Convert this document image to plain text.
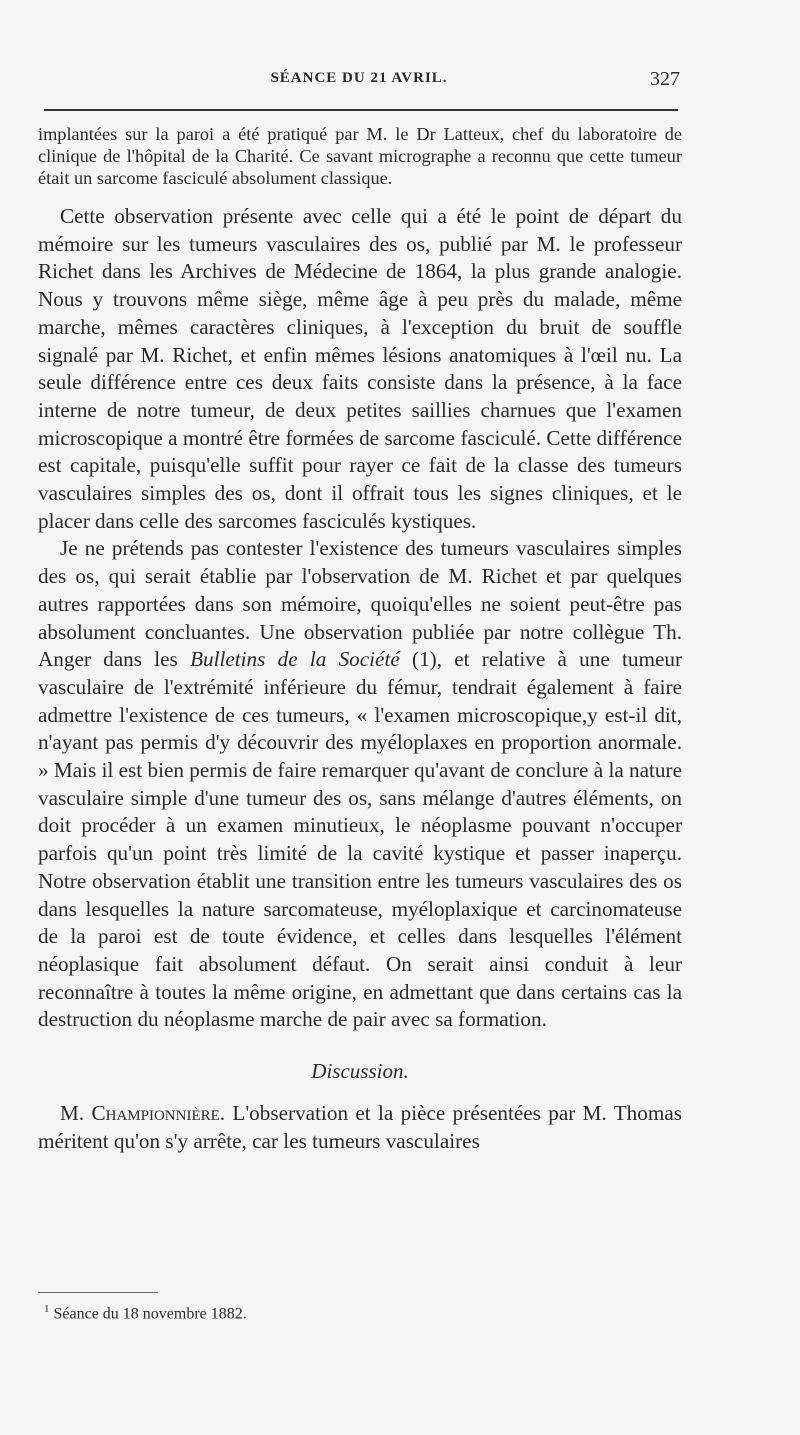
SÉANCE DU 21 AVRIL.	327

implantées sur la paroi a été pratiqué par M. le Dr Latteux, chef du laboratoire de clinique de l'hôpital de la Charité. Ce savant micrographe a reconnu que cette tumeur était un sarcome fasciculé absolument classique.

Cette observation présente avec celle qui a été le point de départ du mémoire sur les tumeurs vasculaires des os, publié par M. le professeur Richet dans les Archives de Médecine de 1864, la plus grande analogie. Nous y trouvons même siège, même âge à peu près du malade, même marche, mêmes caractères cliniques, à l'exception du bruit de souffle signalé par M. Richet, et enfin mêmes lésions anatomiques à l'œil nu. La seule différence entre ces deux faits consiste dans la présence, à la face interne de notre tumeur, de deux petites saillies charnues que l'examen microscopique a montré être formées de sarcome fasciculé. Cette différence est capitale, puisqu'elle suffit pour rayer ce fait de la classe des tumeurs vasculaires simples des os, dont il offrait tous les signes cliniques, et le placer dans celle des sarcomes fasciculés kystiques.

Je ne prétends pas contester l'existence des tumeurs vasculaires simples des os, qui serait établie par l'observation de M. Richet et par quelques autres rapportées dans son mémoire, quoiqu'elles ne soient peut-être pas absolument concluantes. Une observation publiée par notre collègue Th. Anger dans les Bulletins de la Société (1), et relative à une tumeur vasculaire de l'extrémité inférieure du fémur, tendrait également à faire admettre l'existence de ces tumeurs, « l'examen microscopique,y est-il dit, n'ayant pas permis d'y découvrir des myéloplaxes en proportion anormale. » Mais il est bien permis de faire remarquer qu'avant de conclure à la nature vasculaire simple d'une tumeur des os, sans mélange d'autres éléments, on doit procéder à un examen minutieux, le néoplasme pouvant n'occuper parfois qu'un point très limité de la cavité kystique et passer inaperçu. Notre observation établit une transition entre les tumeurs vasculaires des os dans lesquelles la nature sarcomateuse, myéloplaxique et carcinomateuse de la paroi est de toute évidence, et celles dans lesquelles l'élément néoplasique fait absolument défaut. On serait ainsi conduit à leur reconnaître à toutes la même origine, en admettant que dans certains cas la destruction du néoplasme marche de pair avec sa formation.

Discussion.

M. Championnière. L'observation et la pièce présentées par M. Thomas méritent qu'on s'y arrête, car les tumeurs vasculaires

$^1$ Séance du 18 novembre 1882.
